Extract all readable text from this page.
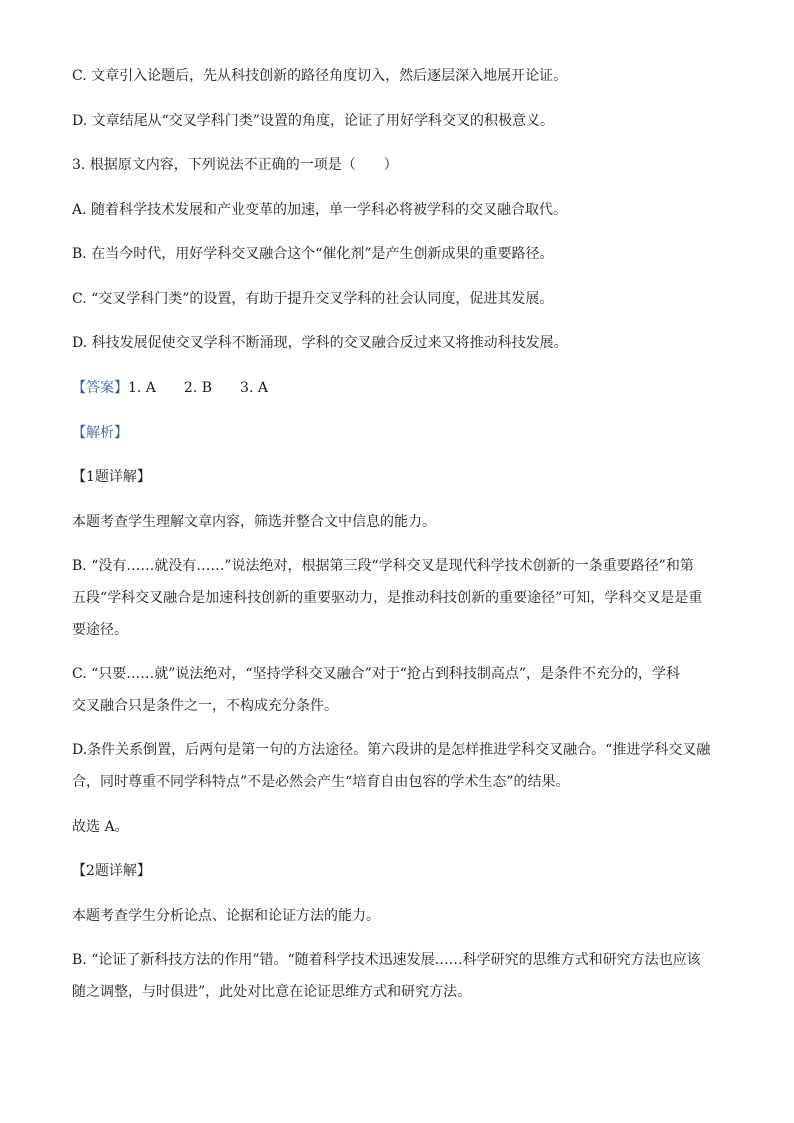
C. 文章引入论题后，先从科技创新的路径角度切入，然后逐层深入地展开论证。
D. 文章结尾从“交叉学科门类”设置的角度，论证了用好学科交叉的积极意义。
3. 根据原文内容，下列说法不正确的一项是（　　）
A. 随着科学技术发展和产业变革的加速，单一学科必将被学科的交叉融合取代。
B. 在当今时代，用好学科交叉融合这个“催化剂”是产生创新成果的重要路径。
C. “交叉学科门类”的设置，有助于提升交叉学科的社会认同度，促进其发展。
D. 科技发展促使交叉学科不断涌现，学科的交叉融合反过来又将推动科技发展。
【答案】1. A 2. B 3. A
【解析】
【1题详解】
本题考查学生理解文章内容，筛选并整合文中信息的能力。
B. “没有……就没有……”说法绝对，根据第三段“学科交叉是现代科学技术创新的一条重要路径”和第
五段“学科交叉融合是加速科技创新的重要驱动力，是推动科技创新的重要途径”可知，学科交叉是是重
要途径。
C. “只要……就”说法绝对，“坚持学科交叉融合”对于“抢占到科技制高点”，是条件不充分的，学科
交叉融合只是条件之一，不构成充分条件。
D.条件关系倒置，后两句是第一句的方法途径。第六段讲的是怎样推进学科交叉融合。“推进学科交叉融
合，同时尊重不同学科特点”不是必然会产生“培育自由包容的学术生态”的结果。
故选 A。
【2题详解】
本题考查学生分析论点、论据和论证方法的能力。
B. “论证了新科技方法的作用”错。“随着科学技术迅速发展……科学研究的思维方式和研究方法也应该
随之调整，与时俱进”，此处对比意在论证思维方式和研究方法。
